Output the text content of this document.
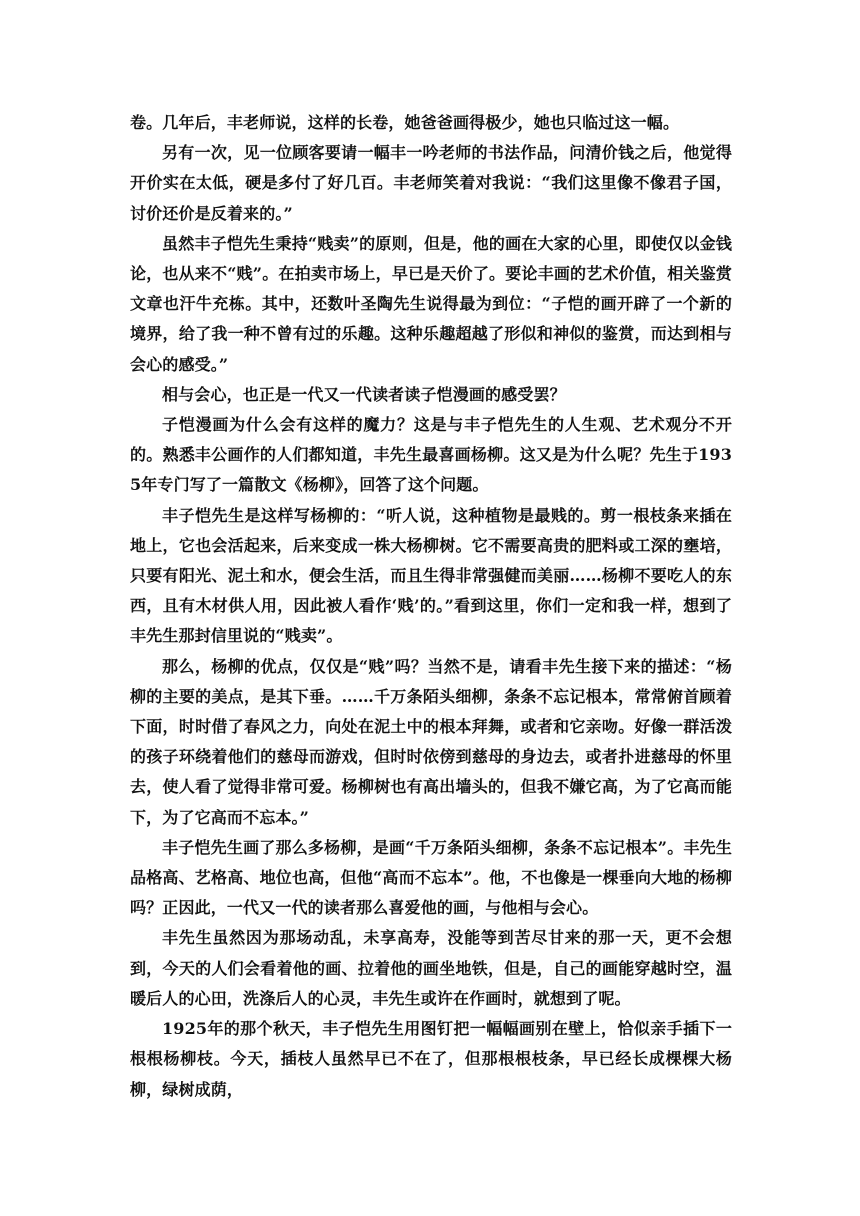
卷。几年后，丰老师说，这样的长卷，她爸爸画得极少，她也只临过这一幅。

另有一次，见一位顾客要请一幅丰一吟老师的书法作品，问清价钱之后，他觉得开价实在太低，硬是多付了好几百。丰老师笑着对我说：“我们这里像不像君子国，讨价还价是反着来的。”

虽然丰子恺先生秉持“贱卖”的原则，但是，他的画在大家的心里，即使仅以金钱论，也从来不“贱”。在拍卖市场上，早已是天价了。要论丰画的艺术价值，相关鉴赏文章也汗牛充栋。其中，还数叶圣陶先生说得最为到位：“子恺的画开辟了一个新的境界，给了我一种不曾有过的乐趣。这种乐趣超越了形似和神似的鉴赏，而达到相与会心的感受。”

相与会心，也正是一代又一代读者读子恺漫画的感受罢？

子恺漫画为什么会有这样的魔力？这是与丰子恺先生的人生观、艺术观分不开的。熟悉丰公画作的人们都知道，丰先生最喜画杨柳。这又是为什么呢？先生于1935年专门写了一篇散文《杨柳》，回答了这个问题。

丰子恺先生是这样写杨柳的：“听人说，这种植物是最贱的。剪一根枝条来插在地上，它也会活起来，后来变成一株大杨柳树。它不需要高贵的肥料或工深的壅培，只要有阳光、泥土和水，便会生活，而且生得非常强健而美丽……杨柳不要吃人的东西，且有木材供人用，因此被人看作‘贱’的。”看到这里，你们一定和我一样，想到了丰先生那封信里说的“贱卖”。

那么，杨柳的优点，仅仅是“贱”吗？当然不是，请看丰先生接下来的描述：“杨柳的主要的美点，是其下垂。……千万条陌头细柳，条条不忘记根本，常常俯首顾着下面，时时借了春风之力，向处在泥土中的根本拜舞，或者和它亲吻。好像一群活泼的孩子环绕着他们的慈母而游戏，但时时依傍到慈母的身边去，或者扑进慈母的怀里去，使人看了觉得非常可爱。杨柳树也有高出墙头的，但我不嫌它高，为了它高而能下，为了它高而不忘本。”

丰子恺先生画了那么多杨柳，是画“千万条陌头细柳，条条不忘记根本”。丰先生品格高、艺格高、地位也高，但他“高而不忘本”。他，不也像是一棵垂向大地的杨柳吗？正因此，一代又一代的读者那么喜爱他的画，与他相与会心。

丰先生虽然因为那场动乱，未享高寿，没能等到苦尽甘来的那一天，更不会想到，今天的人们会看着他的画、拉着他的画坐地铁，但是，自己的画能穿越时空，温暖后人的心田，洗涤后人的心灵，丰先生或许在作画时，就想到了呢。

1925年的那个秋天，丰子恺先生用图钉把一幅幅画别在壁上，恰似亲手插下一根根杨柳枝。今天，插枝人虽然早已不在了，但那根根枝条，早已经长成棵棵大杨柳，绿树成荫，
